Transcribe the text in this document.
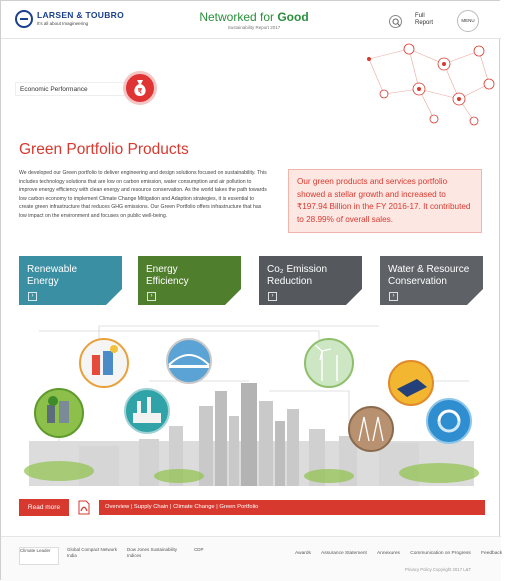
LARSEN & TOUBRO
It's all about Imagineering	Networked for Good
Sustainability Report 2017
Full Report	MENU
Economic Performance	₹
Green Portfolio Products
We developed our Green portfolio to deliver engineering and design solutions focused on sustainability. This includes technology solutions that are low on carbon emission, water consumption and air pollution to improve energy efficiency with clean energy and resource conservation. As the world takes the path towards low carbon economy to implement Climate Change Mitigation and Adaption strategies, it is essential to create green infrastructure that reduces GHG emissions. Our Green Portfolio offers infrastructure that has low impact on the environment and focuses on public well-being.
Our green products and services portfolio showed a stellar growth and increased to ₹197.94 Billion in the FY 2016-17. It contributed to 28.99% of overall sales.
Renewable
Energy
›
Energy
Efficiency
›
Co₂ Emission
Reduction
›
Water & Resource
Conservation
›
Read more	Overview | Supply Chain | Climate Change | Green Portfolio
Climate Leader	Global Compact Network India
Dow Jones Sustainability Indices
CDP
Awards Assurance Statement Annexures Communication on Progress Feedback
Privacy Policy Copyright 2017 L&T
